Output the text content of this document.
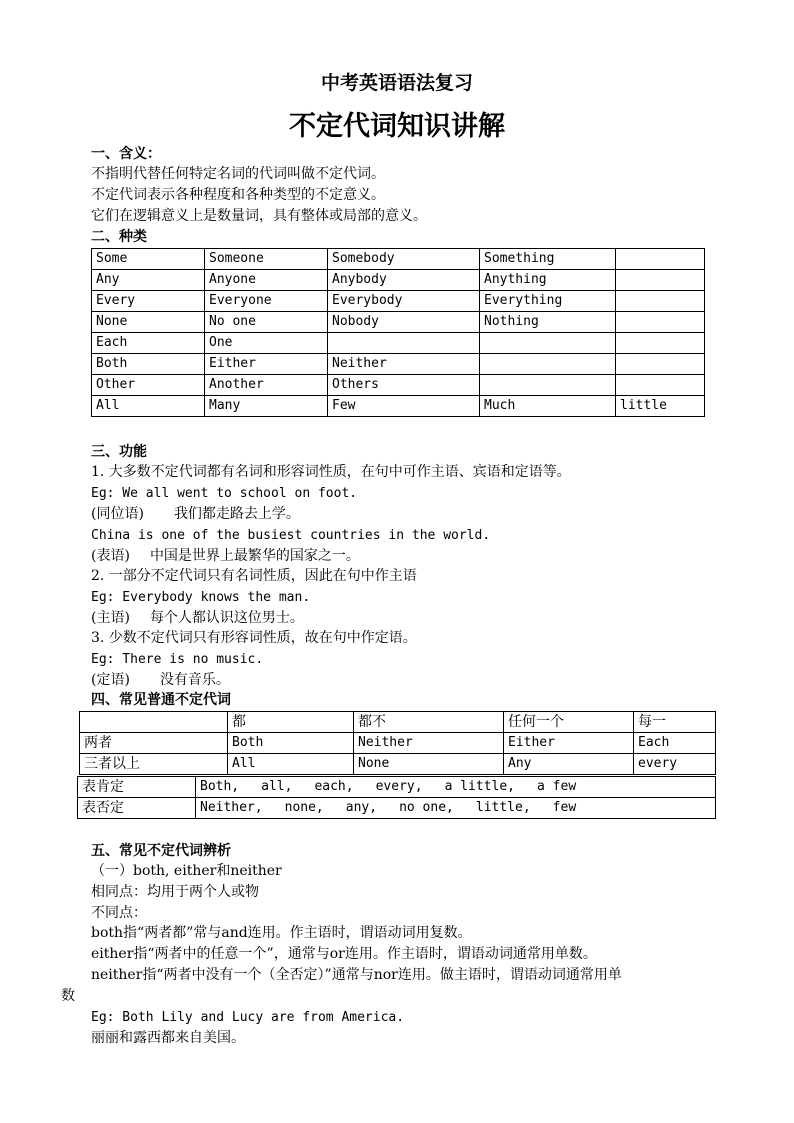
中考英语语法复习
不定代词知识讲解
一、含义：
不指明代替任何特定名词的代词叫做不定代词。
不定代词表示各种程度和各种类型的不定意义。
它们在逻辑意义上是数量词，具有整体或局部的意义。
二、种类
Some	Someone	Somebody	Something	
Any	Anyone	Anybody	Anything	
Every	Everyone	Everybody	Everything	
None	No one	Nobody	Nothing	
Each	One			
Both	Either	Neither		
Other	Another	Others		
All	Many	Few	Much	little
三、功能
1. 大多数不定代词都有名词和形容词性质，在句中可作主语、宾语和定语等。
Eg: We all went to school on foot.
(同位语) 我们都走路去上学。
China is one of the busiest countries in the world.
(表语) 中国是世界上最繁华的国家之一。
2. 一部分不定代词只有名词性质，因此在句中作主语
Eg: Everybody knows the man.
(主语) 每个人都认识这位男士。
3. 少数不定代词只有形容词性质，故在句中作定语。
Eg: There is no music.
(定语) 没有音乐。
四、常见普通不定代词
	都	都不	任何一个	每一
两者	Both	Neither	Either	Each
三者以上	All	None	Any	every
表肯定	Both, all, each, every, a little, a few
表否定	Neither, none, any, no one, little, few
五、常见不定代词辨析
（一）both, either和neither
相同点：均用于两个人或物
不同点：
both指“两者都”常与and连用。作主语时，谓语动词用复数。
either指“两者中的任意一个”，通常与or连用。作主语时，谓语动词通常用单数。
neither指“两者中没有一个（全否定）”通常与nor连用。做主语时，谓语动词通常用单
数
Eg: Both Lily and Lucy are from America.
丽丽和露西都来自美国。
